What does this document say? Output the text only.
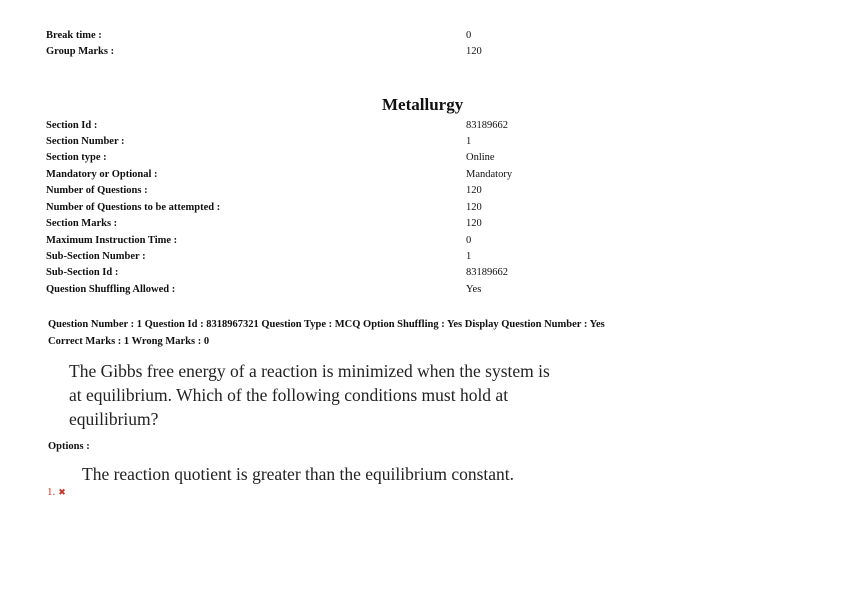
Break time :	0
Group Marks :	120
Metallurgy
Section Id :	83189662
Section Number :	1
Section type :	Online
Mandatory or Optional :	Mandatory
Number of Questions :	120
Number of Questions to be attempted :	120
Section Marks :	120
Maximum Instruction Time :	0
Sub-Section Number :	1
Sub-Section Id :	83189662
Question Shuffling Allowed :	Yes
Question Number : 1 Question Id : 8318967321 Question Type : MCQ Option Shuffling : Yes Display Question Number : Yes
Correct Marks : 1 Wrong Marks : 0
The Gibbs free energy of a reaction is minimized when the system is
at equilibrium. Which of the following conditions must hold at
equilibrium?
Options :
The reaction quotient is greater than the equilibrium constant.
1. ✖
